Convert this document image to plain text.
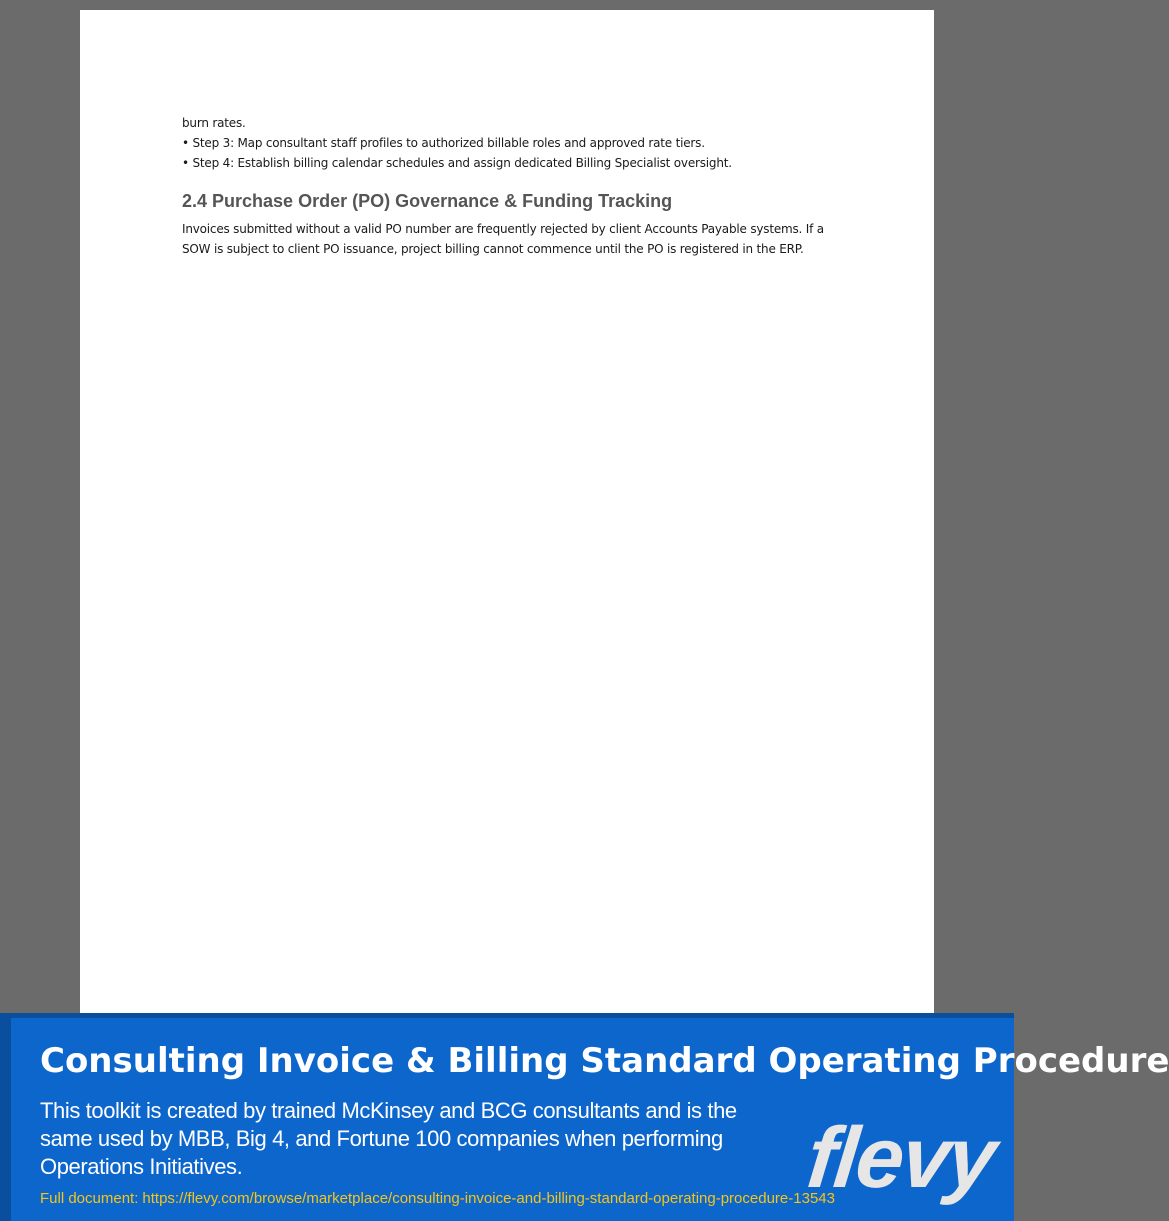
burn rates.

• Step 3: Map consultant staff profiles to authorized billable roles and approved rate tiers.

• Step 4: Establish billing calendar schedules and assign dedicated Billing Specialist oversight.

2.4 Purchase Order (PO) Governance & Funding Tracking

Invoices submitted without a valid PO number are frequently rejected by client Accounts Payable systems. If a SOW is subject to client PO issuance, project billing cannot commence until the PO is registered in the ERP.

Consulting Invoice & Billing Standard Operating Procedure
This toolkit is created by trained McKinsey and BCG consultants and is the same used by MBB, Big 4, and Fortune 100 companies when performing Operations Initiatives.
Full document: https://flevy.com/browse/marketplace/consulting-invoice-and-billing-standard-operating-procedure-13543
flevy
